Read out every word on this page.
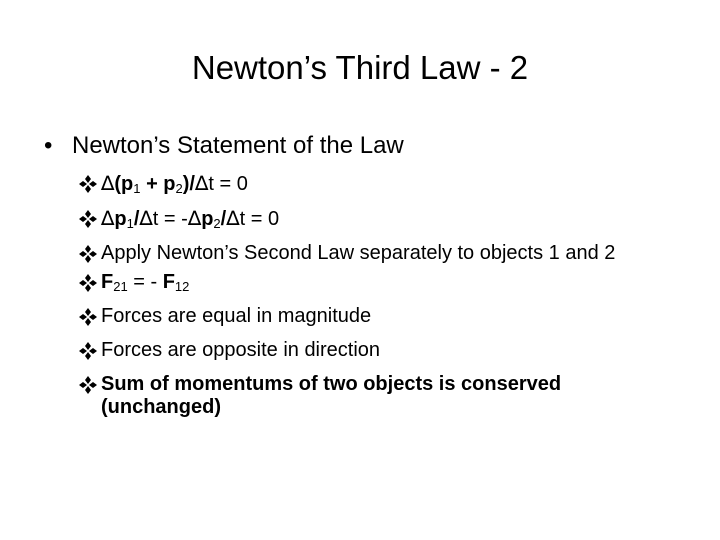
Newton’s Third Law - 2
• Newton’s Statement of the Law
$\Delta(p_1 + p_2)/\Delta t = 0$
$\Delta p_1/\Delta t = -\Delta p_2/\Delta t = 0$
Apply Newton’s Second Law separately to objects 1 and 2
$F_{21}$ = - $F_{12}$
Forces are equal in magnitude
Forces are opposite in direction
Sum of momentums of two objects is conserved (unchanged)
